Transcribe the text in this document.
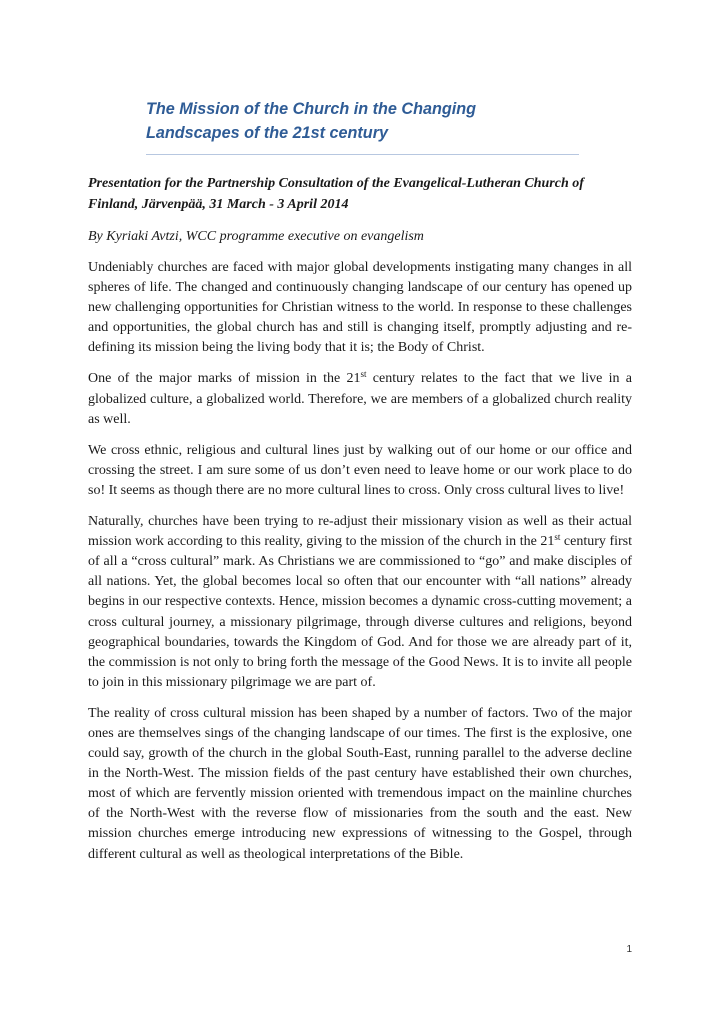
The Mission of the Church in the Changing
Landscapes of the 21st century

Presentation for the Partnership Consultation of the Evangelical-Lutheran Church of Finland, Järvenpää, 31 March - 3 April 2014

By Kyriaki Avtzi, WCC programme executive on evangelism

Undeniably churches are faced with major global developments instigating many changes in all spheres of life. The changed and continuously changing landscape of our century has opened up new challenging opportunities for Christian witness to the world. In response to these challenges and opportunities, the global church has and still is changing itself, promptly adjusting and re-defining its mission being the living body that it is; the Body of Christ.

One of the major marks of mission in the 21st century relates to the fact that we live in a globalized culture, a globalized world. Therefore, we are members of a globalized church reality as well.

We cross ethnic, religious and cultural lines just by walking out of our home or our office and crossing the street. I am sure some of us don’t even need to leave home or our work place to do so! It seems as though there are no more cultural lines to cross. Only cross cultural lives to live!

Naturally, churches have been trying to re-adjust their missionary vision as well as their actual mission work according to this reality, giving to the mission of the church in the 21st century first of all a “cross cultural” mark. As Christians we are commissioned to “go” and make disciples of all nations. Yet, the global becomes local so often that our encounter with “all nations” already begins in our respective contexts. Hence, mission becomes a dynamic cross-cutting movement; a cross cultural journey, a missionary pilgrimage, through diverse cultures and religions, beyond geographical boundaries, towards the Kingdom of God. And for those we are already part of it, the commission is not only to bring forth the message of the Good News. It is to invite all people to join in this missionary pilgrimage we are part of.

The reality of cross cultural mission has been shaped by a number of factors. Two of the major ones are themselves sings of the changing landscape of our times. The first is the explosive, one could say, growth of the church in the global South-East, running parallel to the adverse decline in the North-West. The mission fields of the past century have established their own churches, most of which are fervently mission oriented with tremendous impact on the mainline churches of the North-West with the reverse flow of missionaries from the south and the east. New mission churches emerge introducing new expressions of witnessing to the Gospel, through different cultural as well as theological interpretations of the Bible.

1
